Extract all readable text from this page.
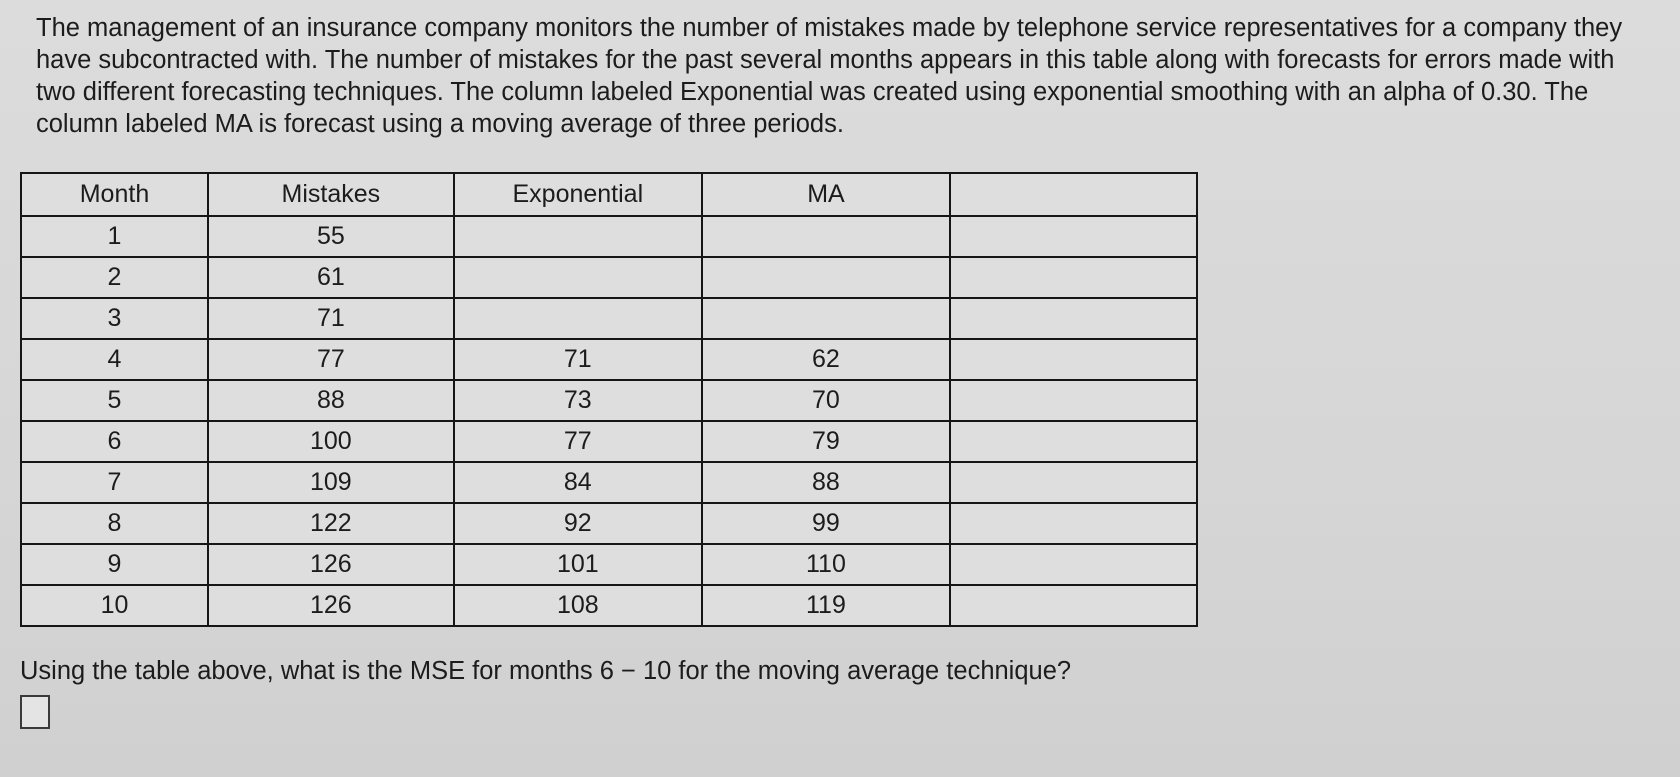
The management of an insurance company monitors the number of mistakes made by telephone service representatives for a company they have subcontracted with. The number of mistakes for the past several months appears in this table along with forecasts for errors made with two different forecasting techniques. The column labeled Exponential was created using exponential smoothing with an alpha of 0.30. The column labeled MA is forecast using a moving average of three periods.

Month	Mistakes	Exponential	MA	
1	55			
2	61			
3	71			
4	77	71	62	
5	88	73	70	
6	100	77	79	
7	109	84	88	
8	122	92	99	
9	126	101	110	
10	126	108	119	

Using the table above, what is the MSE for months 6 − 10 for the moving average technique?
